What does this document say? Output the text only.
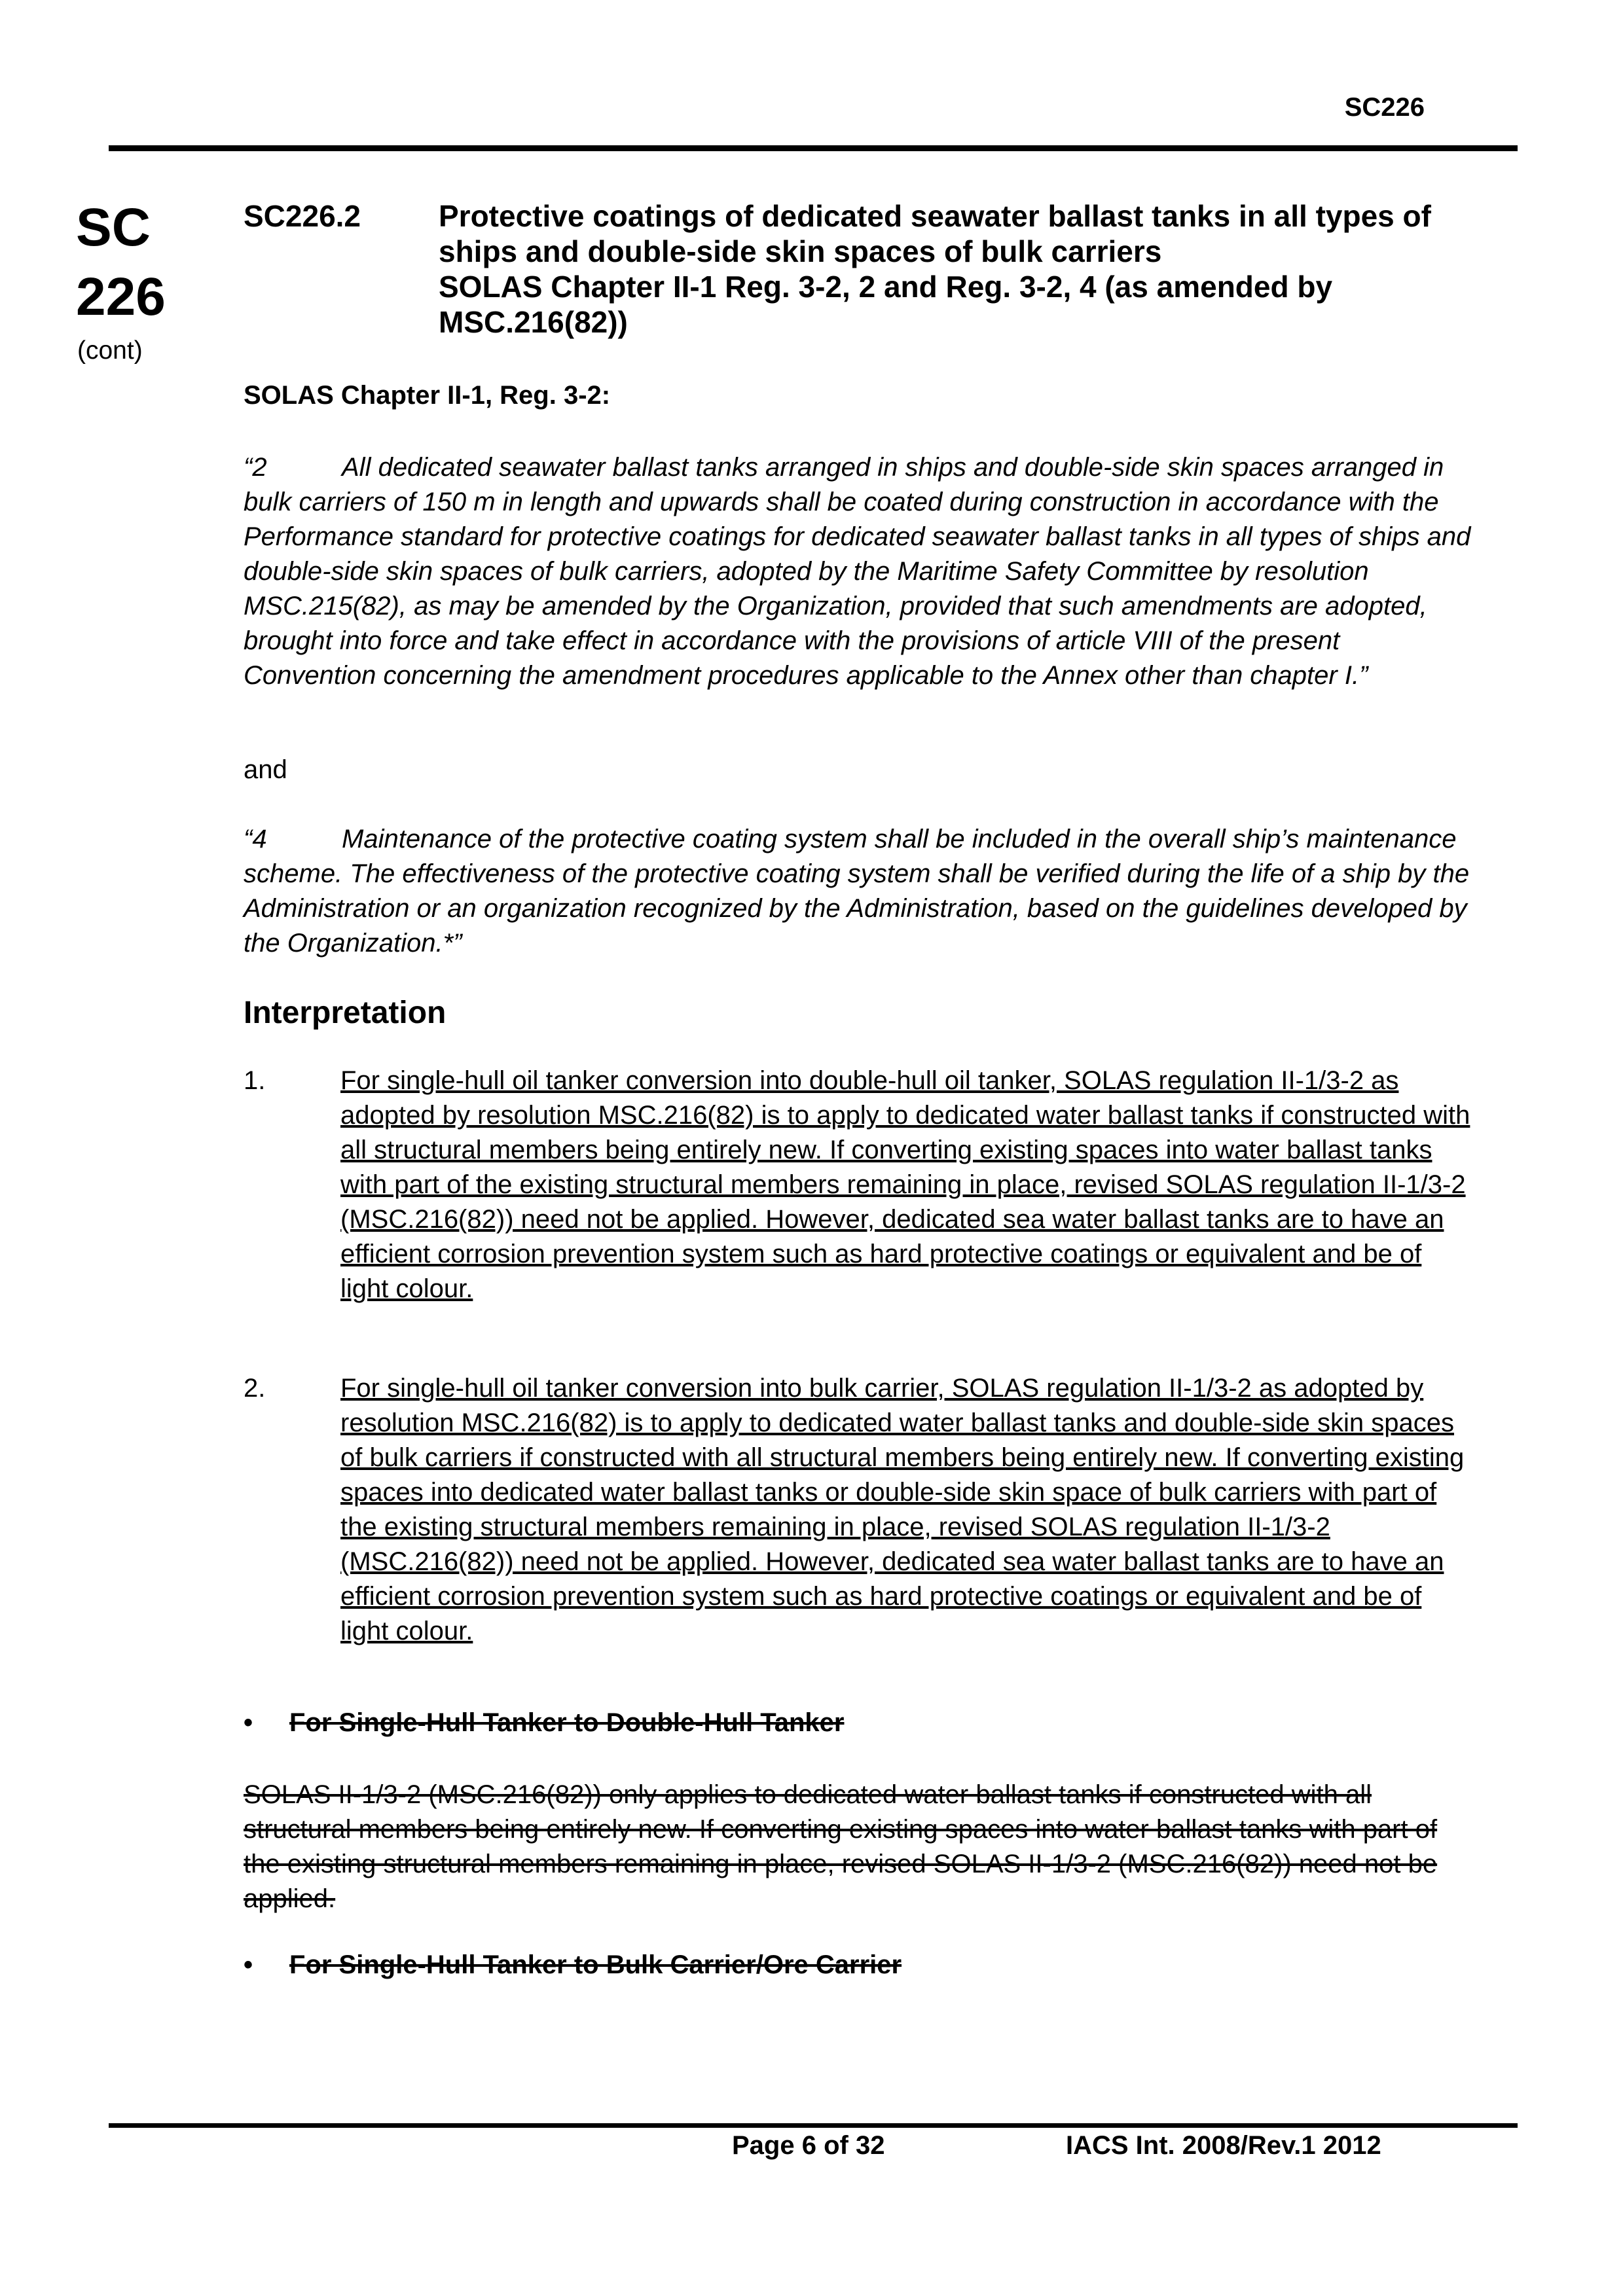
SC226
SC
226
(cont)
SC226.2	Protective coatings of dedicated seawater ballast tanks in all types of ships and double-side skin spaces of bulk carriers
SOLAS Chapter II-1 Reg. 3-2, 2 and Reg. 3-2, 4 (as amended by MSC.216(82))
SOLAS Chapter II-1, Reg. 3-2:
“2	All dedicated seawater ballast tanks arranged in ships and double-side skin spaces arranged in bulk carriers of 150 m in length and upwards shall be coated during construction in accordance with the Performance standard for protective coatings for dedicated seawater ballast tanks in all types of ships and double-side skin spaces of bulk carriers, adopted by the Maritime Safety Committee by resolution MSC.215(82), as may be amended by the Organization, provided that such amendments are adopted, brought into force and take effect in accordance with the provisions of article VIII of the present Convention concerning the amendment procedures applicable to the Annex other than chapter I.”
and
“4	Maintenance of the protective coating system shall be included in the overall ship’s maintenance scheme. The effectiveness of the protective coating system shall be verified during the life of a ship by the Administration or an organization recognized by the Administration, based on the guidelines developed by the Organization.*”
Interpretation
1.	For single-hull oil tanker conversion into double-hull oil tanker, SOLAS regulation II-1/3-2 as adopted by resolution MSC.216(82) is to apply to dedicated water ballast tanks if constructed with all structural members being entirely new. If converting existing spaces into water ballast tanks with part of the existing structural members remaining in place, revised SOLAS regulation II-1/3-2 (MSC.216(82)) need not be applied. However, dedicated sea water ballast tanks are to have an efficient corrosion prevention system such as hard protective coatings or equivalent and be of light colour.
2.	For single-hull oil tanker conversion into bulk carrier, SOLAS regulation II-1/3-2 as adopted by resolution MSC.216(82) is to apply to dedicated water ballast tanks and double-side skin spaces of bulk carriers if constructed with all structural members being entirely new. If converting existing spaces into dedicated water ballast tanks or double-side skin space of bulk carriers with part of the existing structural members remaining in place, revised SOLAS regulation II-1/3-2 (MSC.216(82)) need not be applied. However, dedicated sea water ballast tanks are to have an efficient corrosion prevention system such as hard protective coatings or equivalent and be of light colour.
• For Single-Hull Tanker to Double-Hull Tanker
SOLAS II-1/3-2 (MSC.216(82)) only applies to dedicated water ballast tanks if constructed with all structural members being entirely new. If converting existing spaces into water ballast tanks with part of the existing structural members remaining in place, revised SOLAS II-1/3-2 (MSC.216(82)) need not be applied.
• For Single-Hull Tanker to Bulk Carrier/Ore Carrier
Page 6 of 32	IACS Int. 2008/Rev.1 2012
